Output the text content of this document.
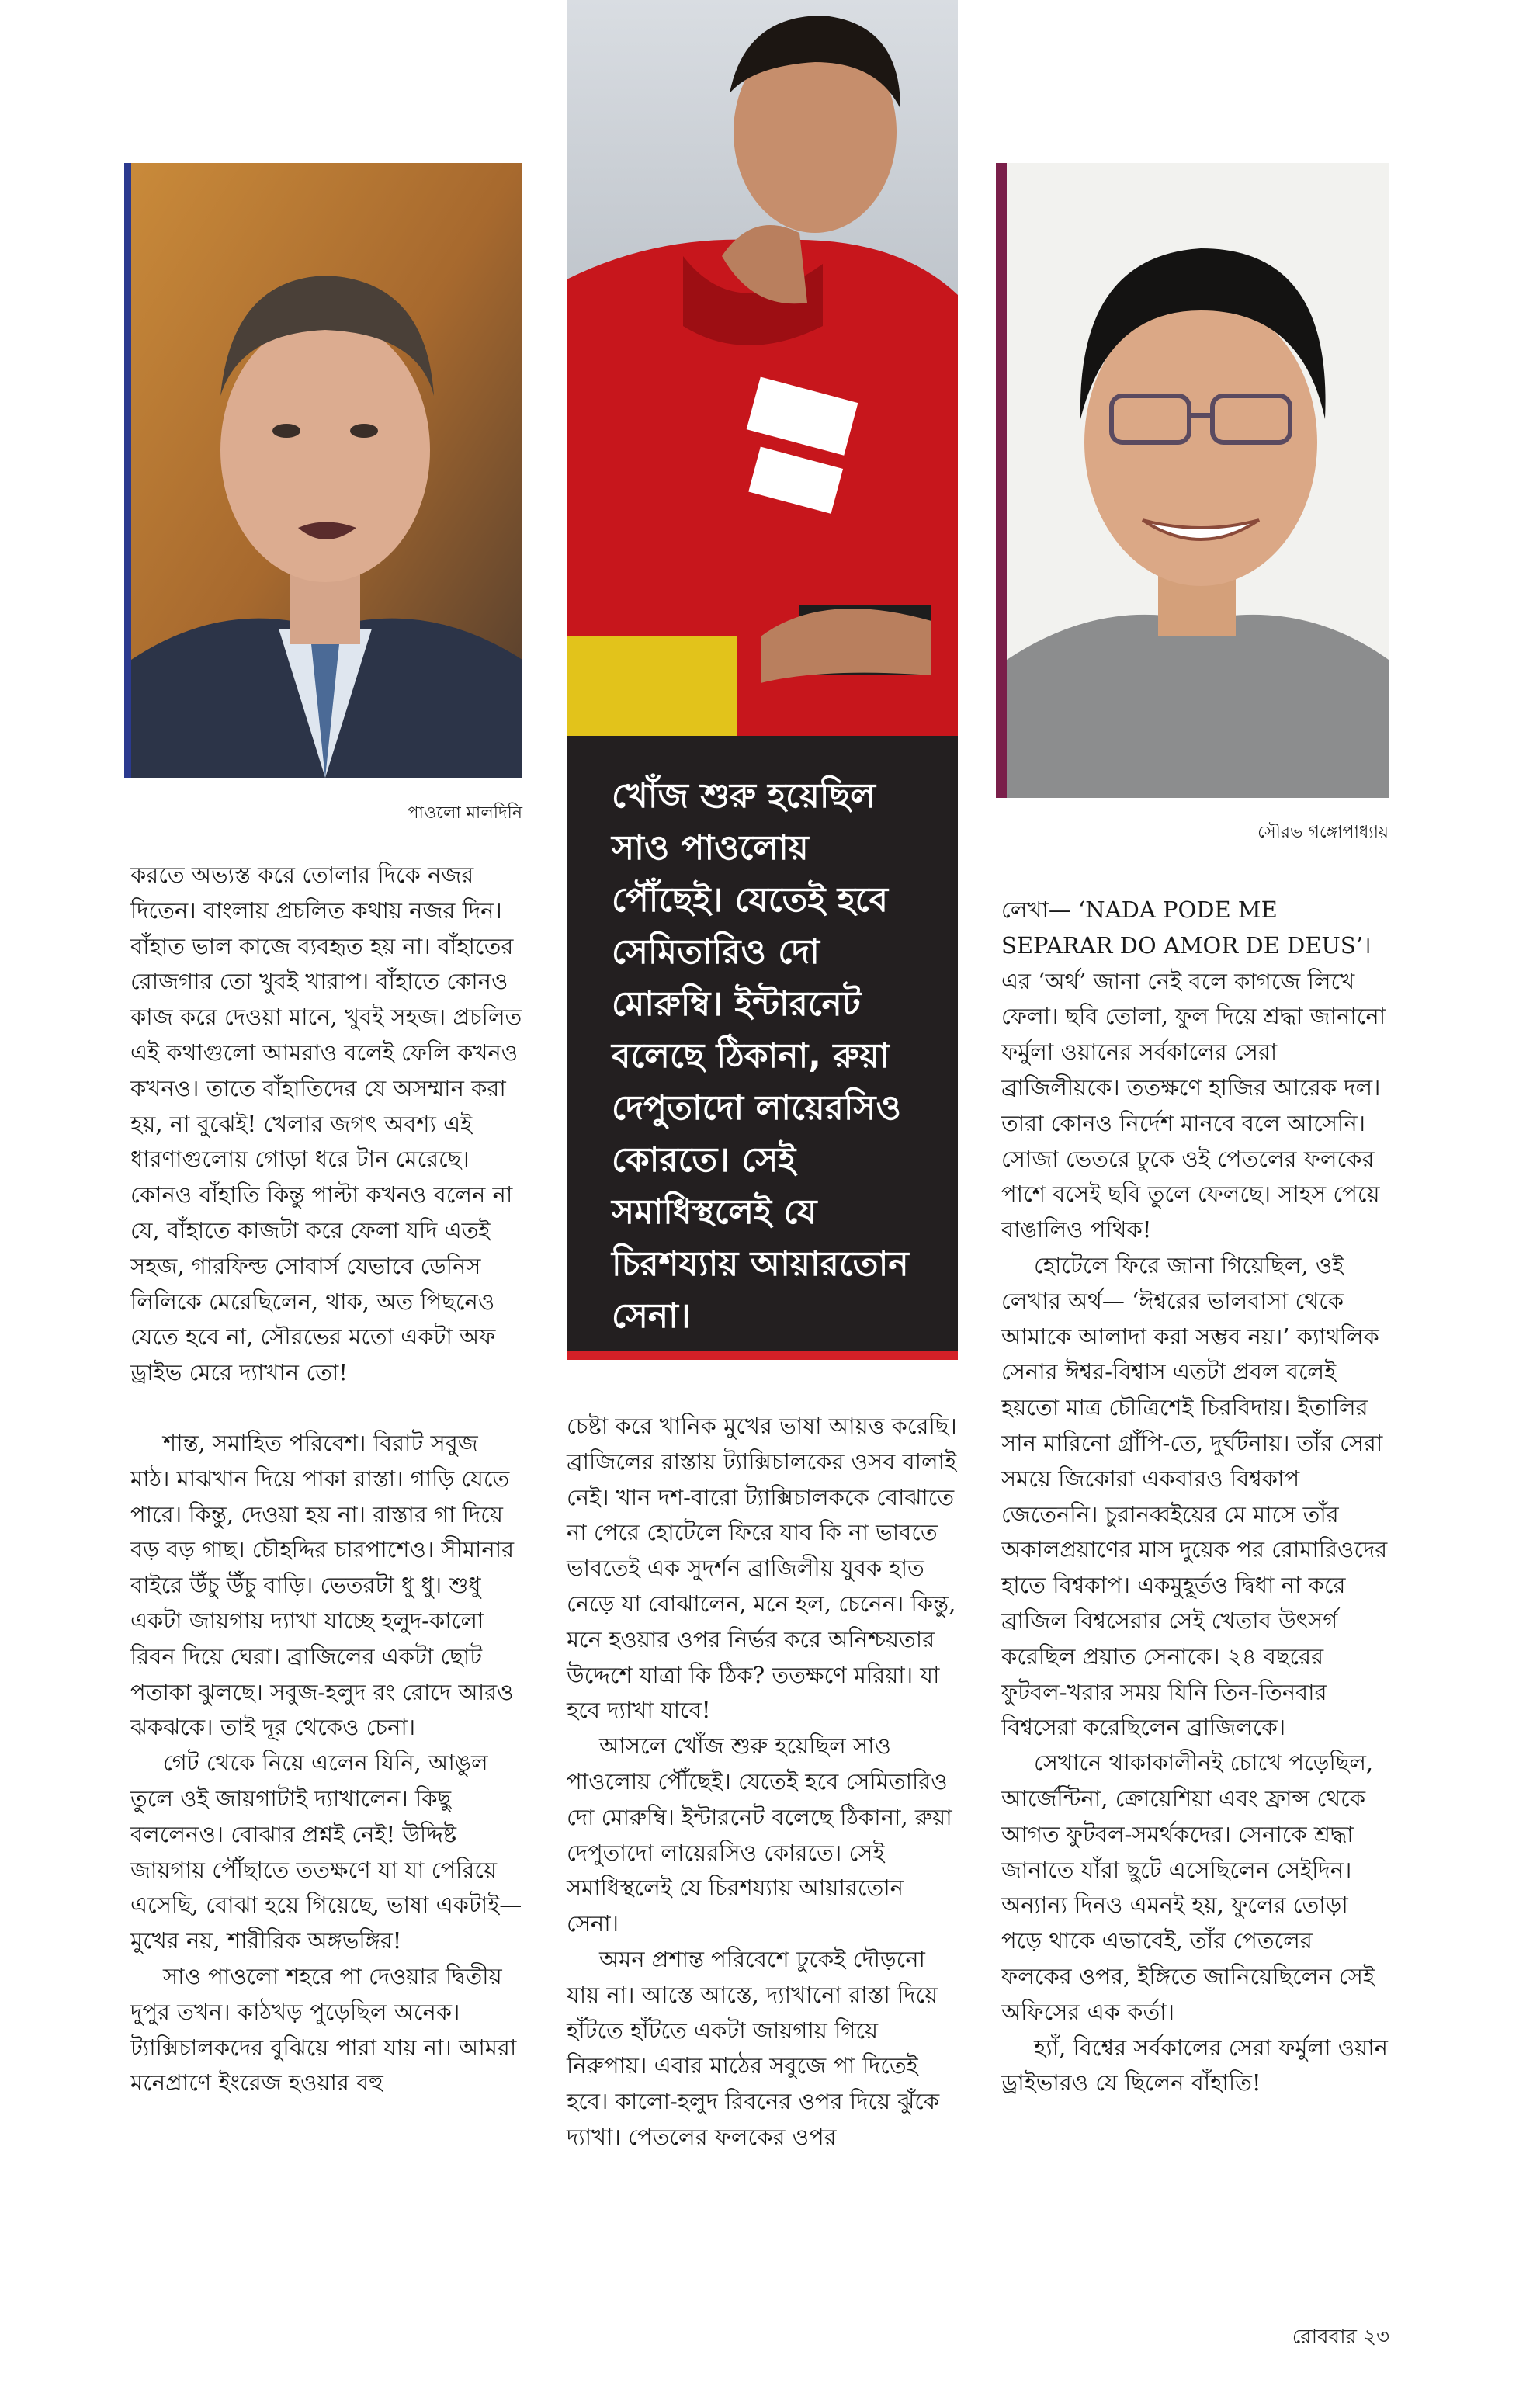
পাওলো মালদিনি	খোঁজ শুরু হয়েছিল সাও পাওলোয় পৌঁছেই। যেতেই হবে সেমিতারিও দো মোরুম্বি। ইন্টারনেট বলেছে ঠিকানা, রুয়া দেপুতাদো লায়েরসিও কোরতে। সেই সমাধিস্থলেই যে চিরশয্যায় আয়ারতোন সেনা।
সৌরভ গঙ্গোপাধ্যায়

করতে অভ্যস্ত করে তোলার দিকে নজর দিতেন। বাংলায় প্রচলিত কথায় নজর দিন। বাঁহাত ভাল কাজে ব্যবহৃত হয় না। বাঁহাতের রোজগার তো খুবই খারাপ। বাঁহাতে কোনও কাজ করে দেওয়া মানে, খুবই সহজ। প্রচলিত এই কথাগুলো আমরাও বলেই ফেলি কখনও কখনও। তাতে বাঁহাতিদের যে অসম্মান করা হয়, না বুঝেই! খেলার জগৎ অবশ্য এই ধারণাগুলোয় গোড়া ধরে টান মেরেছে। কোনও বাঁহাতি কিন্তু পাল্টা কখনও বলেন না যে, বাঁহাতে কাজটা করে ফেলা যদি এতই সহজ, গারফিল্ড সোবার্স যেভাবে ডেনিস লিলিকে মেরেছিলেন, থাক, অত পিছনেও যেতে হবে না, সৌরভের মতো একটা অফ ড্রাইভ মেরে দ্যাখান তো!

শান্ত, সমাহিত পরিবেশ। বিরাট সবুজ মাঠ। মাঝখান দিয়ে পাকা রাস্তা। গাড়ি যেতে পারে। কিন্তু, দেওয়া হয় না। রাস্তার গা দিয়ে বড় বড় গাছ। চৌহদ্দির চারপাশেও। সীমানার বাইরে উঁচু উঁচু বাড়ি। ভেতরটা ধু ধু। শুধু একটা জায়গায় দ্যাখা যাচ্ছে হলুদ-কালো রিবন দিয়ে ঘেরা। ব্রাজিলের একটা ছোট পতাকা ঝুলছে। সবুজ-হলুদ রং রোদে আরও ঝকঝকে। তাই দূর থেকেও চেনা।

গেট থেকে নিয়ে এলেন যিনি, আঙুল তুলে ওই জায়গাটাই দ্যাখালেন। কিছু বললেনও। বোঝার প্রশ্নই নেই! উদ্দিষ্ট জায়গায় পৌঁছাতে ততক্ষণে যা যা পেরিয়ে এসেছি, বোঝা হয়ে গিয়েছে, ভাষা একটাই— মুখের নয়, শারীরিক অঙ্গভঙ্গির!

সাও পাওলো শহরে পা দেওয়ার দ্বিতীয় দুপুর তখন। কাঠখড় পুড়েছিল অনেক। ট্যাক্সিচালকদের বুঝিয়ে পারা যায় না। আমরা মনেপ্রাণে ইংরেজ হওয়ার বহু

চেষ্টা করে খানিক মুখের ভাষা আয়ত্ত করেছি। ব্রাজিলের রাস্তায় ট্যাক্সিচালকের ওসব বালাই নেই। খান দশ-বারো ট্যাক্সিচালককে বোঝাতে না পেরে হোটেলে ফিরে যাব কি না ভাবতে ভাবতেই এক সুদর্শন ব্রাজিলীয় যুবক হাত নেড়ে যা বোঝালেন, মনে হল, চেনেন। কিন্তু, মনে হওয়ার ওপর নির্ভর করে অনিশ্চয়তার উদ্দেশে যাত্রা কি ঠিক? ততক্ষণে মরিয়া। যা হবে দ্যাখা যাবে!

আসলে খোঁজ শুরু হয়েছিল সাও পাওলোয় পৌঁছেই। যেতেই হবে সেমিতারিও দো মোরুম্বি। ইন্টারনেট বলেছে ঠিকানা, রুয়া দেপুতাদো লায়েরসিও কোরতে। সেই সমাধিস্থলেই যে চিরশয্যায় আয়ারতোন সেনা।

অমন প্রশান্ত পরিবেশে ঢুকেই দৌড়নো যায় না। আস্তে আস্তে, দ্যাখানো রাস্তা দিয়ে হাঁটতে হাঁটতে একটা জায়গায় গিয়ে নিরুপায়। এবার মাঠের সবুজে পা দিতেই হবে। কালো-হলুদ রিবনের ওপর দিয়ে ঝুঁকে দ্যাখা। পেতলের ফলকের ওপর

লেখা— ‘NADA PODE ME SEPARAR DO AMOR DE DEUS’। এর ‘অর্থ’ জানা নেই বলে কাগজে লিখে ফেলা। ছবি তোলা, ফুল দিয়ে শ্রদ্ধা জানানো ফর্মুলা ওয়ানের সর্বকালের সেরা ব্রাজিলীয়কে। ততক্ষণে হাজির আরেক দল। তারা কোনও নির্দেশ মানবে বলে আসেনি। সোজা ভেতরে ঢুকে ওই পেতলের ফলকের পাশে বসেই ছবি তুলে ফেলছে। সাহস পেয়ে বাঙালিও পথিক!

হোটেলে ফিরে জানা গিয়েছিল, ওই লেখার অর্থ— ‘ঈশ্বরের ভালবাসা থেকে আমাকে আলাদা করা সম্ভব নয়।’ ক্যাথলিক সেনার ঈশ্বর-বিশ্বাস এতটা প্রবল বলেই হয়তো মাত্র চৌত্রিশেই চিরবিদায়। ইতালির সান মারিনো গ্রাঁপি-তে, দুর্ঘটনায়। তাঁর সেরা সময়ে জিকোরা একবারও বিশ্বকাপ জেতেননি। চুরানব্বইয়ের মে মাসে তাঁর অকালপ্রয়াণের মাস দুয়েক পর রোমারিওদের হাতে বিশ্বকাপ। একমুহূর্তও দ্বিধা না করে ব্রাজিল বিশ্বসেরার সেই খেতাব উৎসর্গ করেছিল প্রয়াত সেনাকে। ২৪ বছরের ফুটবল-খরার সময় যিনি তিন-তিনবার বিশ্বসেরা করেছিলেন ব্রাজিলকে।

সেখানে থাকাকালীনই চোখে পড়েছিল, আর্জেন্টিনা, ক্রোয়েশিয়া এবং ফ্রান্স থেকে আগত ফুটবল-সমর্থকদের। সেনাকে শ্রদ্ধা জানাতে যাঁরা ছুটে এসেছিলেন সেইদিন। অন্যান্য দিনও এমনই হয়, ফুলের তোড়া পড়ে থাকে এভাবেই, তাঁর পেতলের ফলকের ওপর, ইঙ্গিতে জানিয়েছিলেন সেই অফিসের এক কর্তা।

হ্যাঁ, বিশ্বের সর্বকালের সেরা ফর্মুলা ওয়ান ড্রাইভারও যে ছিলেন বাঁহাতি!

রোববার ২৩
